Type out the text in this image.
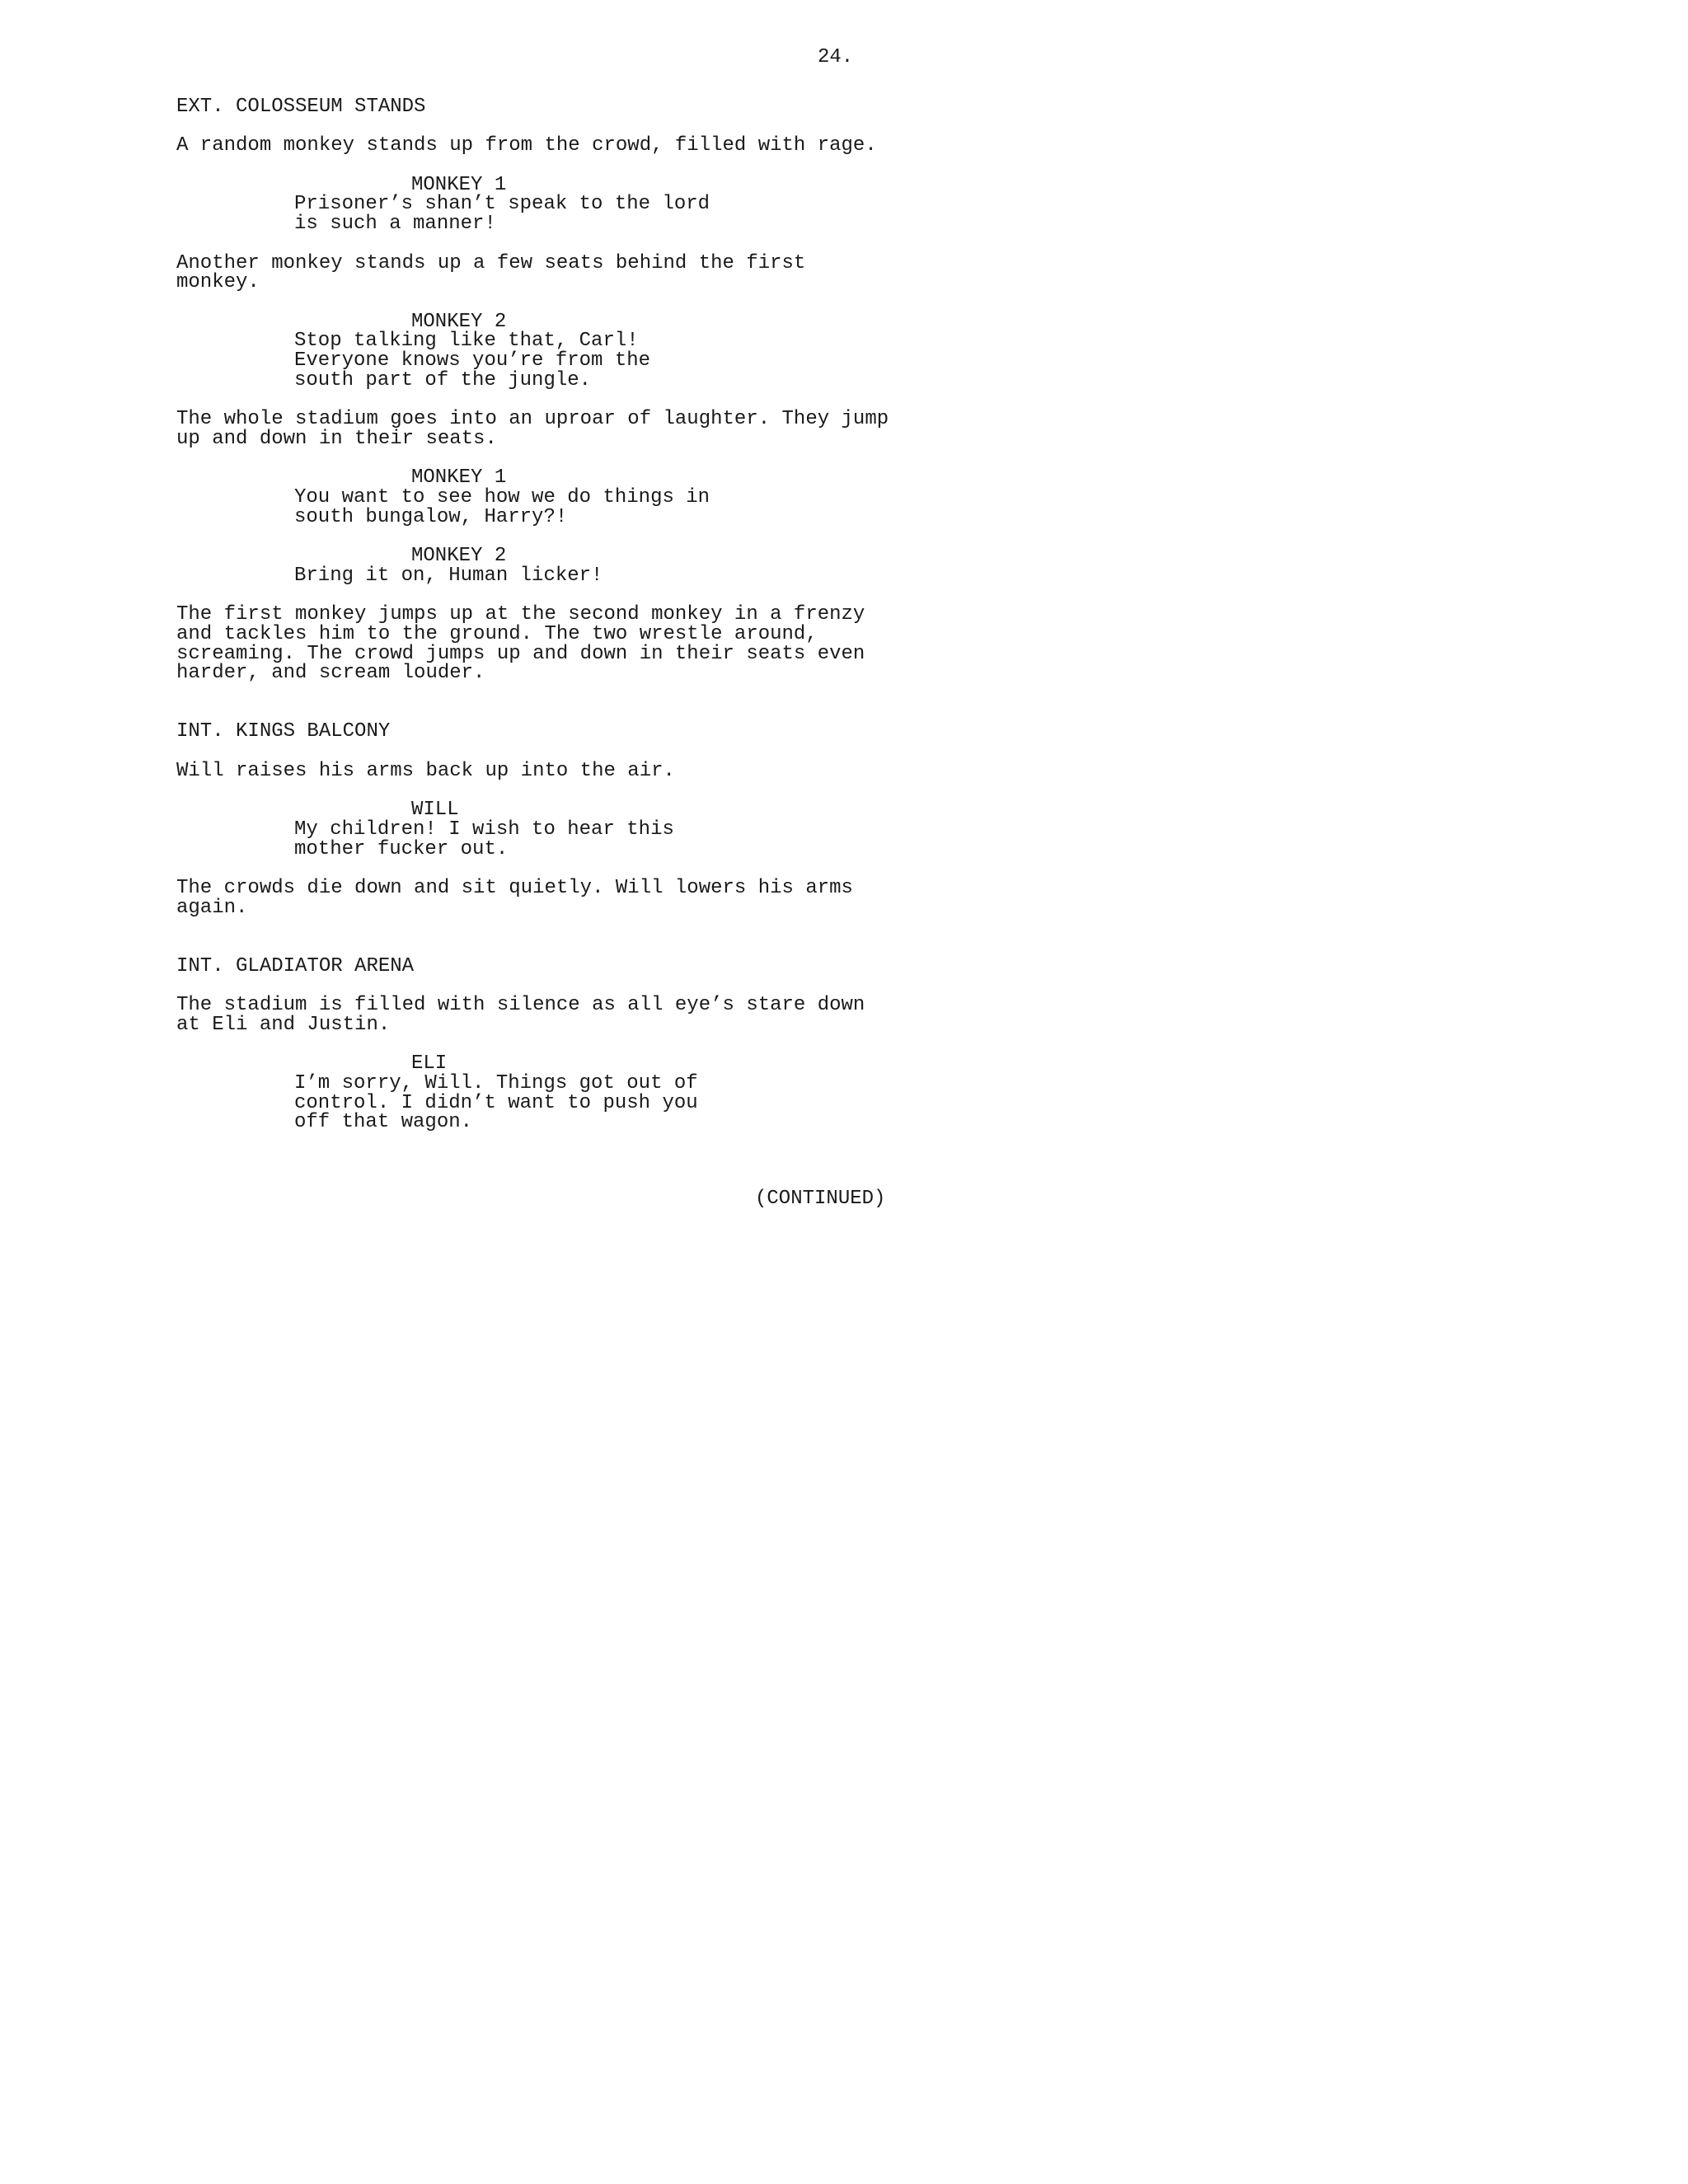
24.
EXT. COLOSSEUM STANDS
A random monkey stands up from the crowd, filled with rage.
MONKEY 1
Prisoner’s shan’t speak to the lord
is such a manner!
Another monkey stands up a few seats behind the first
monkey.
MONKEY 2
Stop talking like that, Carl!
Everyone knows you’re from the
south part of the jungle.
The whole stadium goes into an uproar of laughter. They jump
up and down in their seats.
MONKEY 1
You want to see how we do things in
south bungalow, Harry?!
MONKEY 2
Bring it on, Human licker!
The first monkey jumps up at the second monkey in a frenzy
and tackles him to the ground. The two wrestle around,
screaming. The crowd jumps up and down in their seats even
harder, and scream louder.
INT. KINGS BALCONY
Will raises his arms back up into the air.
WILL
My children! I wish to hear this
mother fucker out.
The crowds die down and sit quietly. Will lowers his arms
again.
INT. GLADIATOR ARENA
The stadium is filled with silence as all eye’s stare down
at Eli and Justin.
ELI
I’m sorry, Will. Things got out of
control. I didn’t want to push you
off that wagon.
(CONTINUED)
